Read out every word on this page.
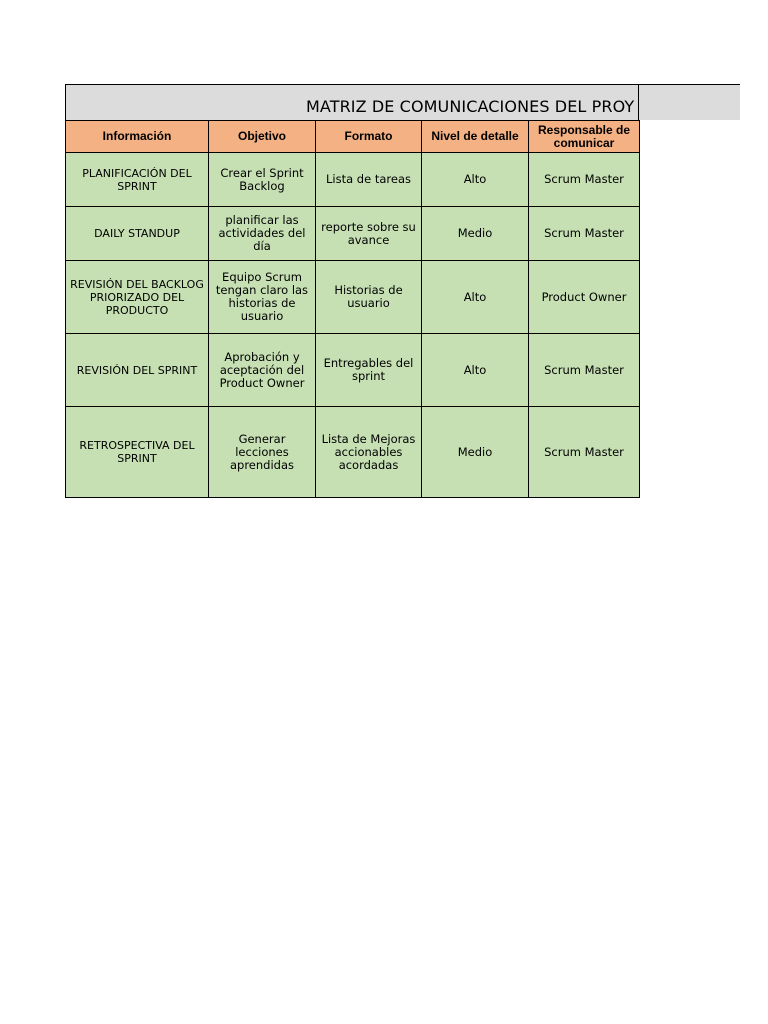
MATRIZ DE COMUNICACIONES DEL PROY
Información	Objetivo	Formato	Nivel de detalle	Responsable de comunicar
PLANIFICACIÓN DEL SPRINT	Crear el Sprint Backlog	Lista de tareas	Alto	Scrum Master
DAILY STANDUP	planificar las actividades del día	reporte sobre su avance	Medio	Scrum Master
REVISIÓN DEL BACKLOG PRIORIZADO DEL PRODUCTO	Equipo Scrum tengan claro las historias de usuario	Historias de usuario	Alto	Product Owner
REVISIÓN DEL SPRINT	Aprobación y aceptación del Product Owner	Entregables del sprint	Alto	Scrum Master
RETROSPECTIVA DEL SPRINT	Generar lecciones aprendidas	Lista de Mejoras accionables acordadas	Medio	Scrum Master
